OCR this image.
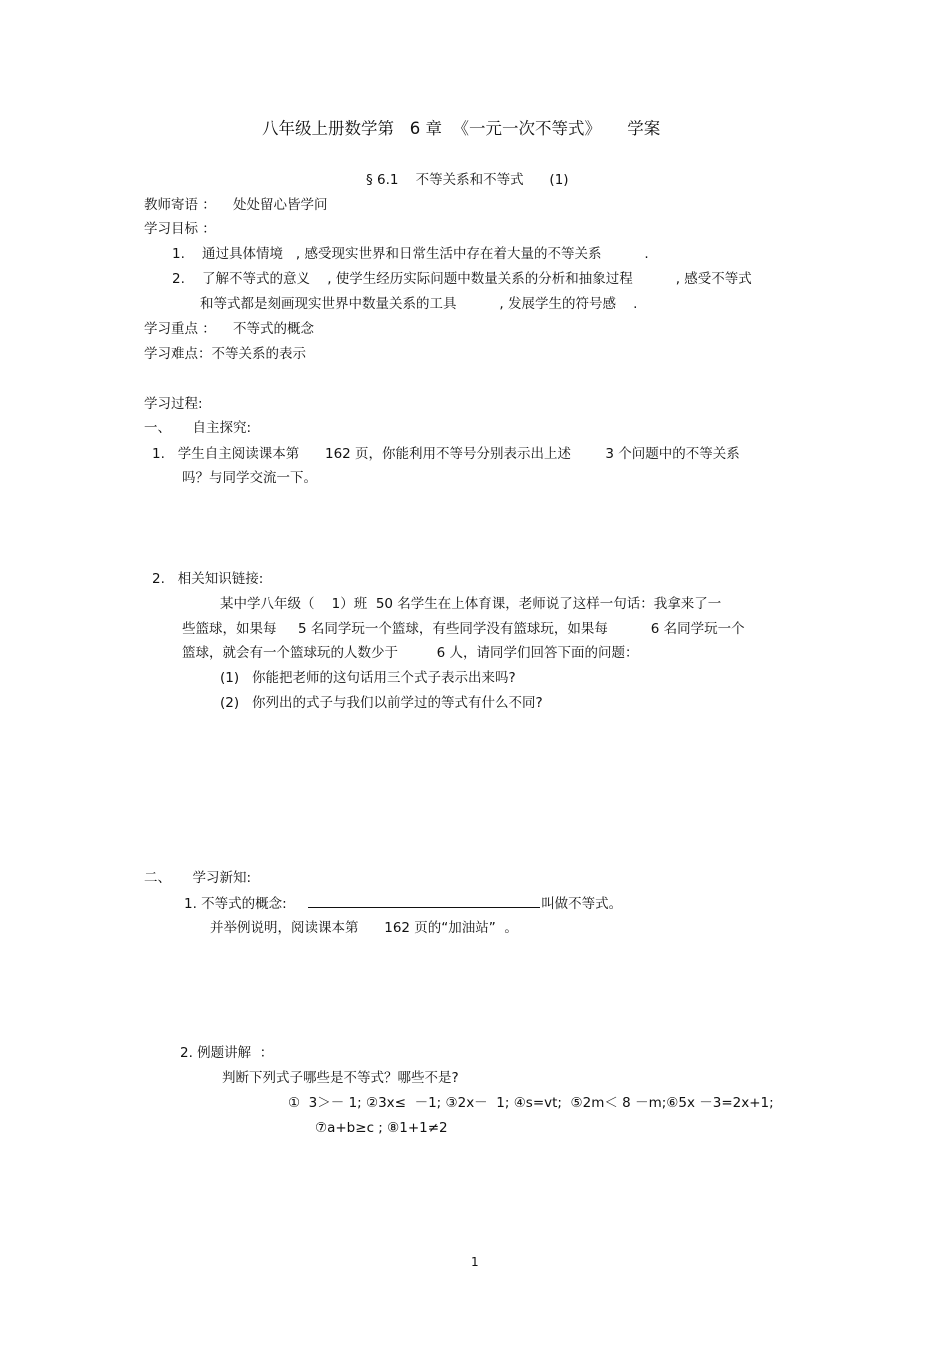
八年级上册数学第   6 章  《一元一次不等式》     学案
§ 6.1    不等关系和不等式      (1)
教师寄语 ：    处处留心皆学问
学习目标 ：
1.    通过具体情境   , 感受现实世界和日常生活中存在着大量的不等关系          .
2.    了解不等式的意义    , 使学生经历实际问题中数量关系的分析和抽象过程          , 感受不等式
和等式都是刻画现实世界中数量关系的工具          , 发展学生的符号感    .
学习重点 ：    不等式的概念
学习难点：不等关系的表示
学习过程:
一、     自主探究:
1.   学生自主阅读课本第      162 页，你能利用不等号分别表示出上述        3 个问题中的不等关系
吗？与同学交流一下。
2.   相关知识链接:
某中学八年级（    1）班  50 名学生在上体育课，老师说了这样一句话：我拿来了一
些篮球，如果每     5 名同学玩一个篮球，有些同学没有篮球玩，如果每          6 名同学玩一个
篮球，就会有一个篮球玩的人数少于         6 人，请同学们回答下面的问题：
(1)   你能把老师的这句话用三个式子表示出来吗?
(2)   你列出的式子与我们以前学过的等式有什么不同?
二、     学习新知:
1. 不等式的概念:	叫做不等式。
并举例说明，阅读课本第      162 页的“加油站”  。
2. 例题讲解  ：
判断下列式子哪些是不等式？哪些不是?
①  3＞－ 1; ②3x≤  －1; ③2x－  1; ④s=vt;  ⑤2m＜ 8 －m;⑥5x －3=2x+1;
⑦a+b≥c ; ⑧1+1≠2
1
